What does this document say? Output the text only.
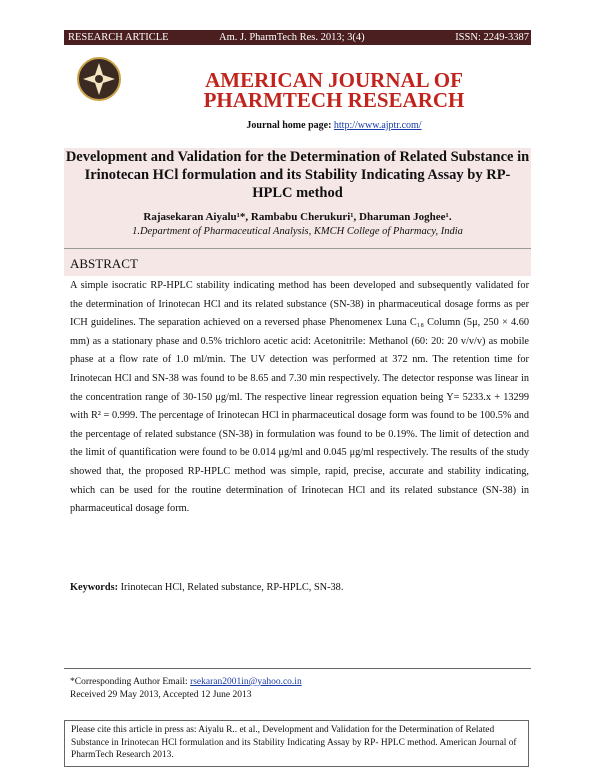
RESEARCH ARTICLE	Am. J. PharmTech Res. 2013; 3(4)	ISSN: 2249-3387
AMERICAN JOURNAL OF
PHARMTECH RESEARCH
Journal home page: http://www.ajptr.com/
Development and Validation for the Determination of Related Substance in Irinotecan HCl formulation and its Stability Indicating Assay by RP- HPLC method
Rajasekaran Aiyalu¹*, Rambabu Cherukuri¹, Dharuman Joghee¹.
1.Department of Pharmaceutical Analysis, KMCH College of Pharmacy, India
ABSTRACT
A simple isocratic RP-HPLC stability indicating method has been developed and subsequently validated for the determination of Irinotecan HCl and its related substance (SN-38) in pharmaceutical dosage forms as per ICH guidelines. The separation achieved on a reversed phase Phenomenex Luna C₁₈ Column (5μ, 250 × 4.60 mm) as a stationary phase and 0.5% trichloro acetic acid: Acetonitrile: Methanol (60: 20: 20 v/v/v) as mobile phase at a flow rate of 1.0 ml/min. The UV detection was performed at 372 nm. The retention time for Irinotecan HCl and SN-38 was found to be 8.65 and 7.30 min respectively. The detector response was linear in the concentration range of 30-150 μg/ml. The respective linear regression equation being Y= 5233.x + 13299 with R² = 0.999. The percentage of Irinotecan HCl in pharmaceutical dosage form was found to be 100.5% and the percentage of related substance (SN-38) in formulation was found to be 0.19%. The limit of detection and the limit of quantification were found to be 0.014 μg/ml and 0.045 μg/ml respectively. The results of the study showed that, the proposed RP-HPLC method was simple, rapid, precise, accurate and stability indicating, which can be used for the routine determination of Irinotecan HCl and its related substance (SN-38) in pharmaceutical dosage form.
Keywords: Irinotecan HCl, Related substance, RP-HPLC, SN-38.
*Corresponding Author Email: rsekaran2001in@yahoo.co.in
Received 29 May 2013, Accepted 12 June 2013
Please cite this article in press as: Aiyalu R.. et al., Development and Validation for the Determination of Related Substance in Irinotecan HCl formulation and its Stability Indicating Assay by RP- HPLC method. American Journal of PharmTech Research 2013.
